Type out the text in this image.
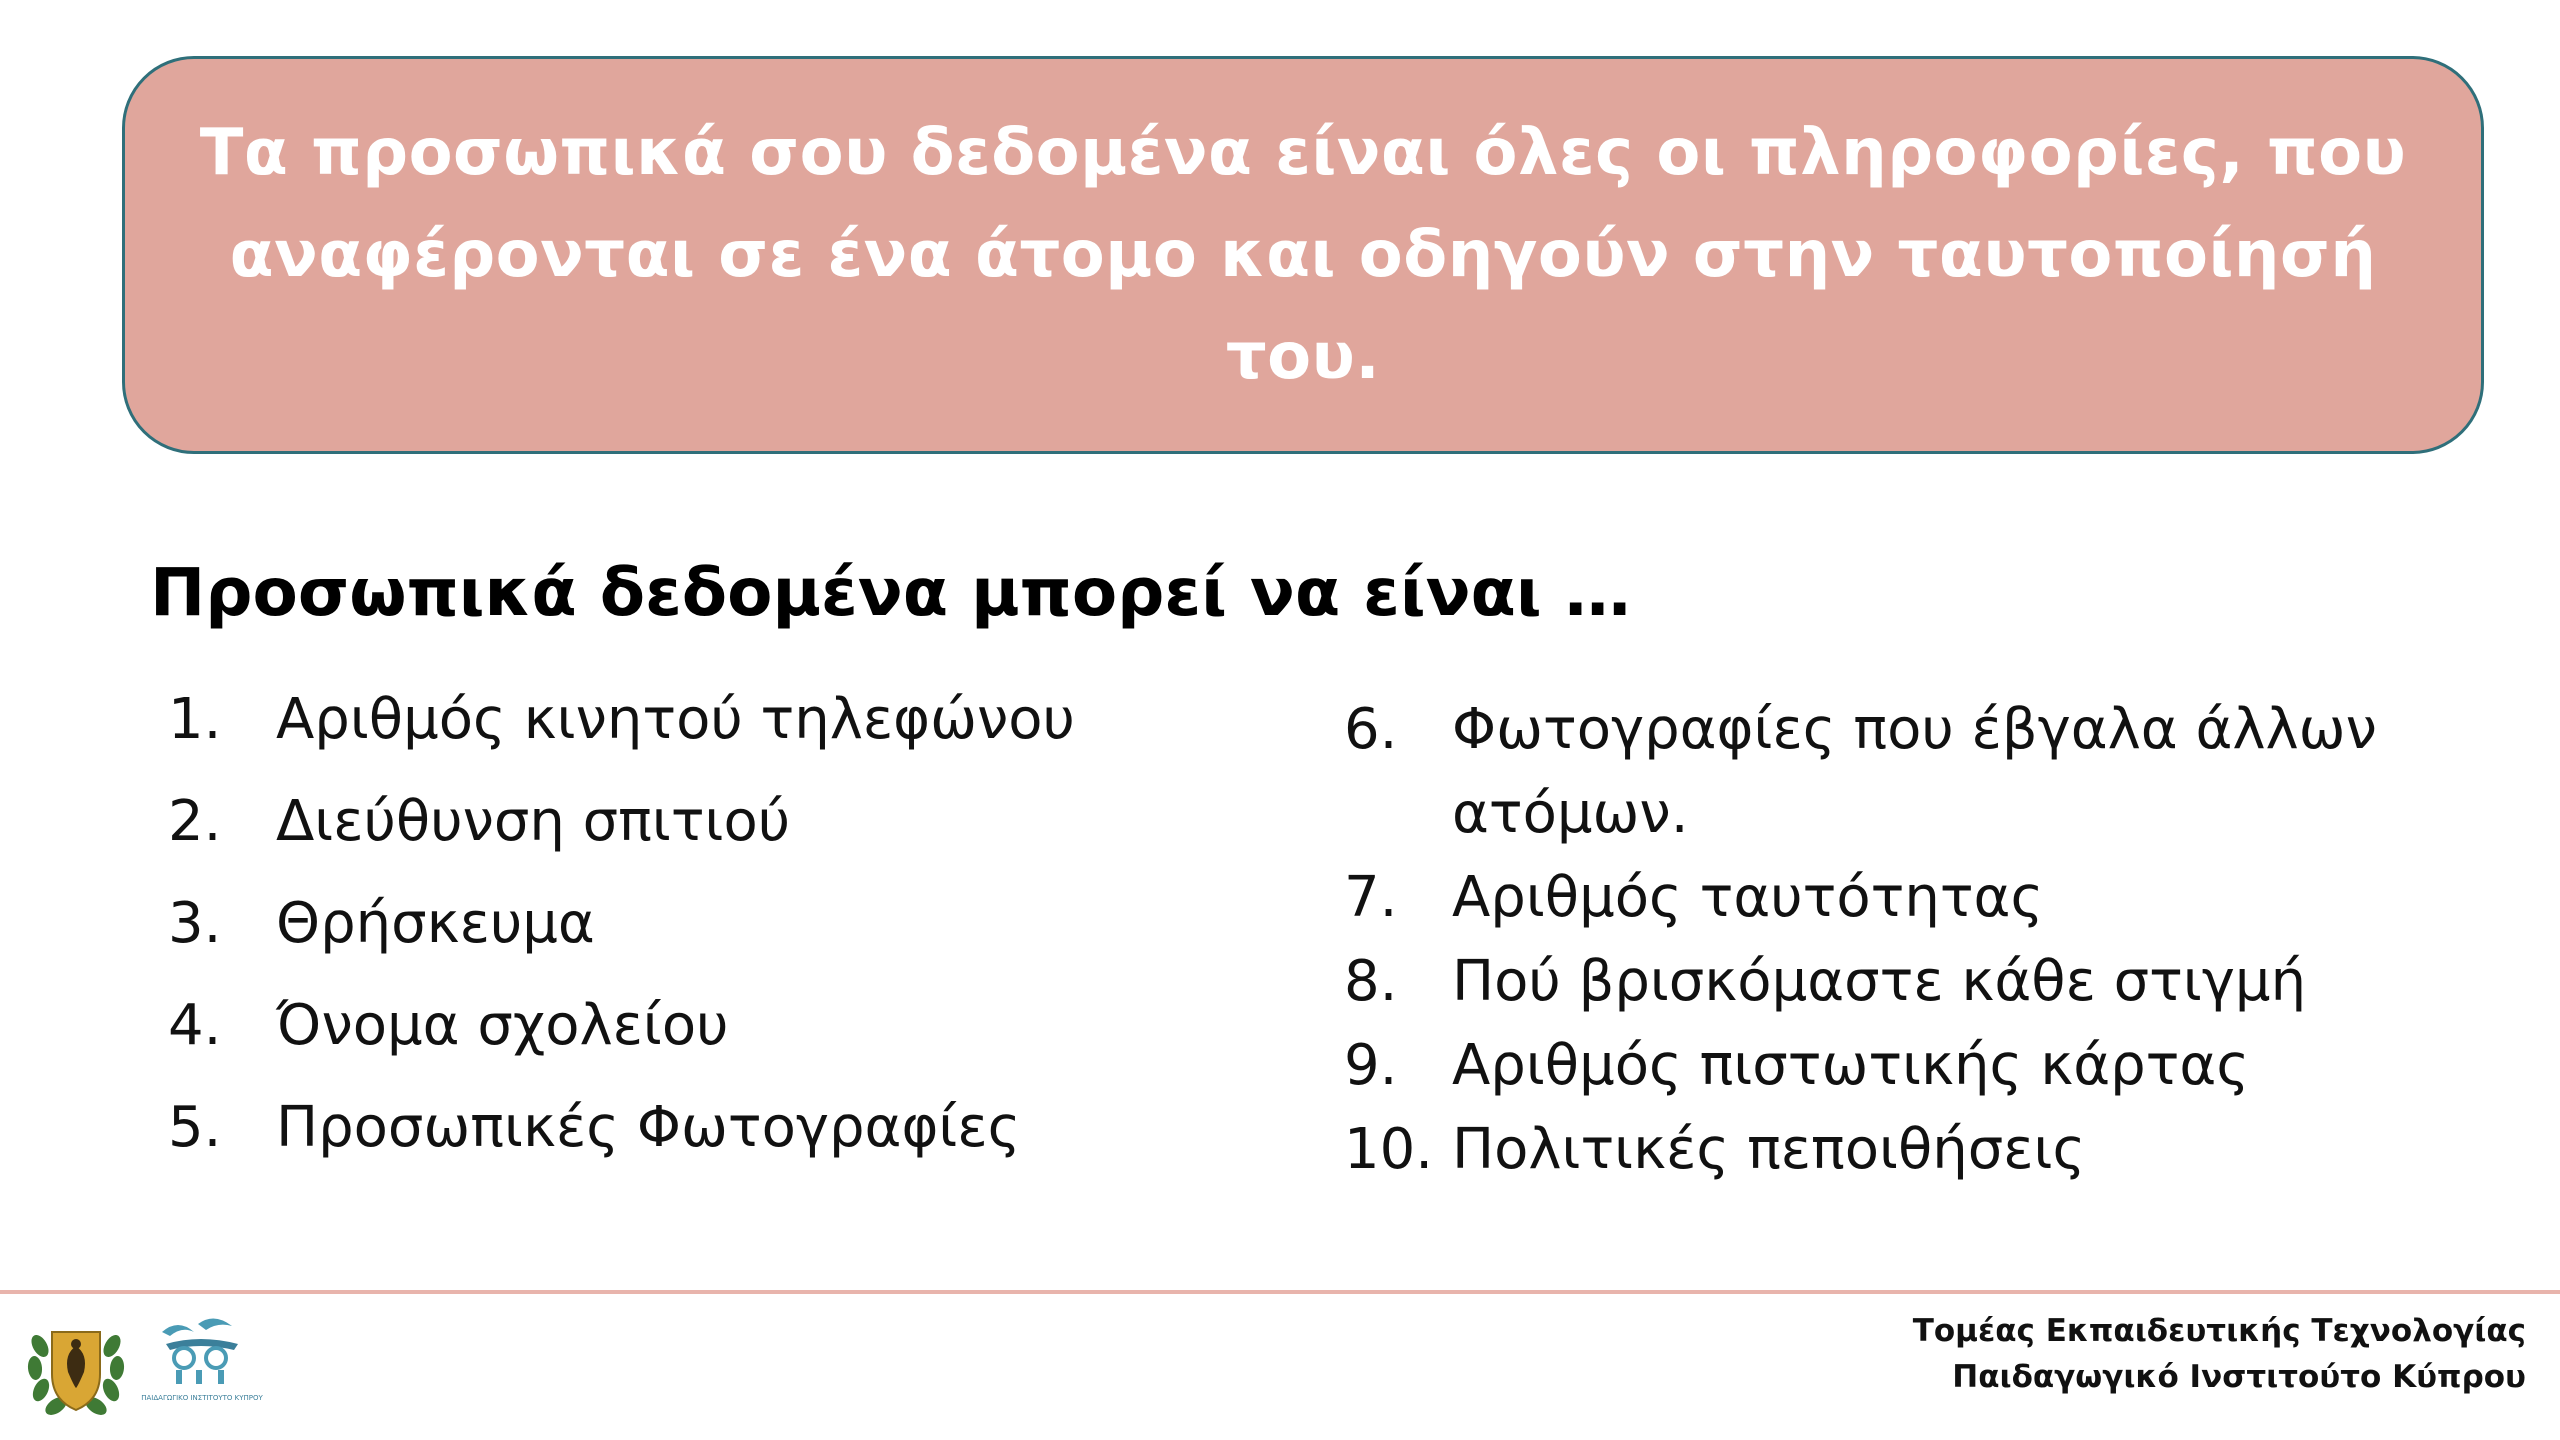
Τα προσωπικά σου δεδομένα είναι όλες οι πληροφορίες, που
αναφέρονται σε ένα άτομο και οδηγούν στην ταυτοποίησή του.

Προσωπικά δεδομένα μπορεί να είναι …
1. Αριθμός κινητού τηλεφώνου
2. Διεύθυνση σπιτιού
3. Θρήσκευμα
4. Όνομα σχολείου
5. Προσωπικές Φωτογραφίες
6. Φωτογραφίες που έβγαλα άλλων ατόμων.
7. Αριθμός ταυτότητας
8. Πού βρισκόμαστε κάθε στιγμή
9. Αριθμός πιστωτικής κάρτας
10. Πολιτικές πεποιθήσεις
ΠΑΙΔΑΓΩΓΙΚΟ ΙΝΣΤΙΤΟΥΤΟ ΚΥΠΡΟΥ
Τομέας Εκπαιδευτικής Τεχνολογίας
Παιδαγωγικό Ινστιτούτο Κύπρου
